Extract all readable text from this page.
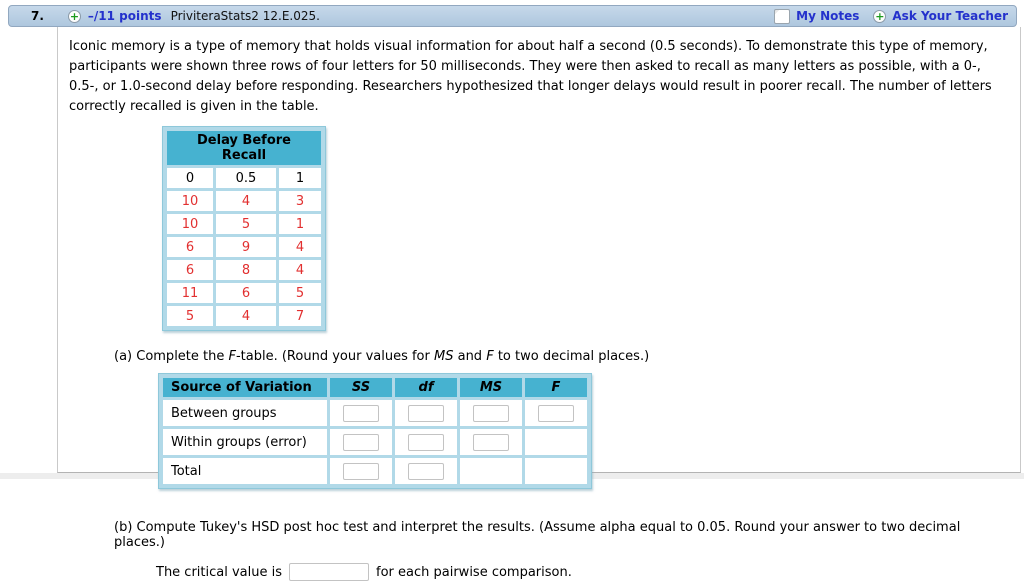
7. + –/11 points PriviteraStats2 12.E.025.	My Notes + Ask Your Teacher

Iconic memory is a type of memory that holds visual information for about half a second (0.5 seconds). To demonstrate this type of memory, participants were shown three rows of four letters for 50 milliseconds. They were then asked to recall as many letters as possible, with a 0-, 0.5-, or 1.0-second delay before responding. Researchers hypothesized that longer delays would result in poorer recall. The number of letters correctly recalled is given in the table.

Delay Before Recall		
0	0.5	1
10	4	3
10	5	1
6	9	4
6	8	4
11	6	5
5	4	7

(a) Complete the F-table. (Round your values for MS and F to two decimal places.)

Source of Variation	SS	df	MS	F
Between groups				
Within groups (error)				
Total				

(b) Compute Tukey's HSD post hoc test and interpret the results. (Assume alpha equal to 0.05. Round your answer to two decimal places.)

The critical value is	for each pairwise comparison.
